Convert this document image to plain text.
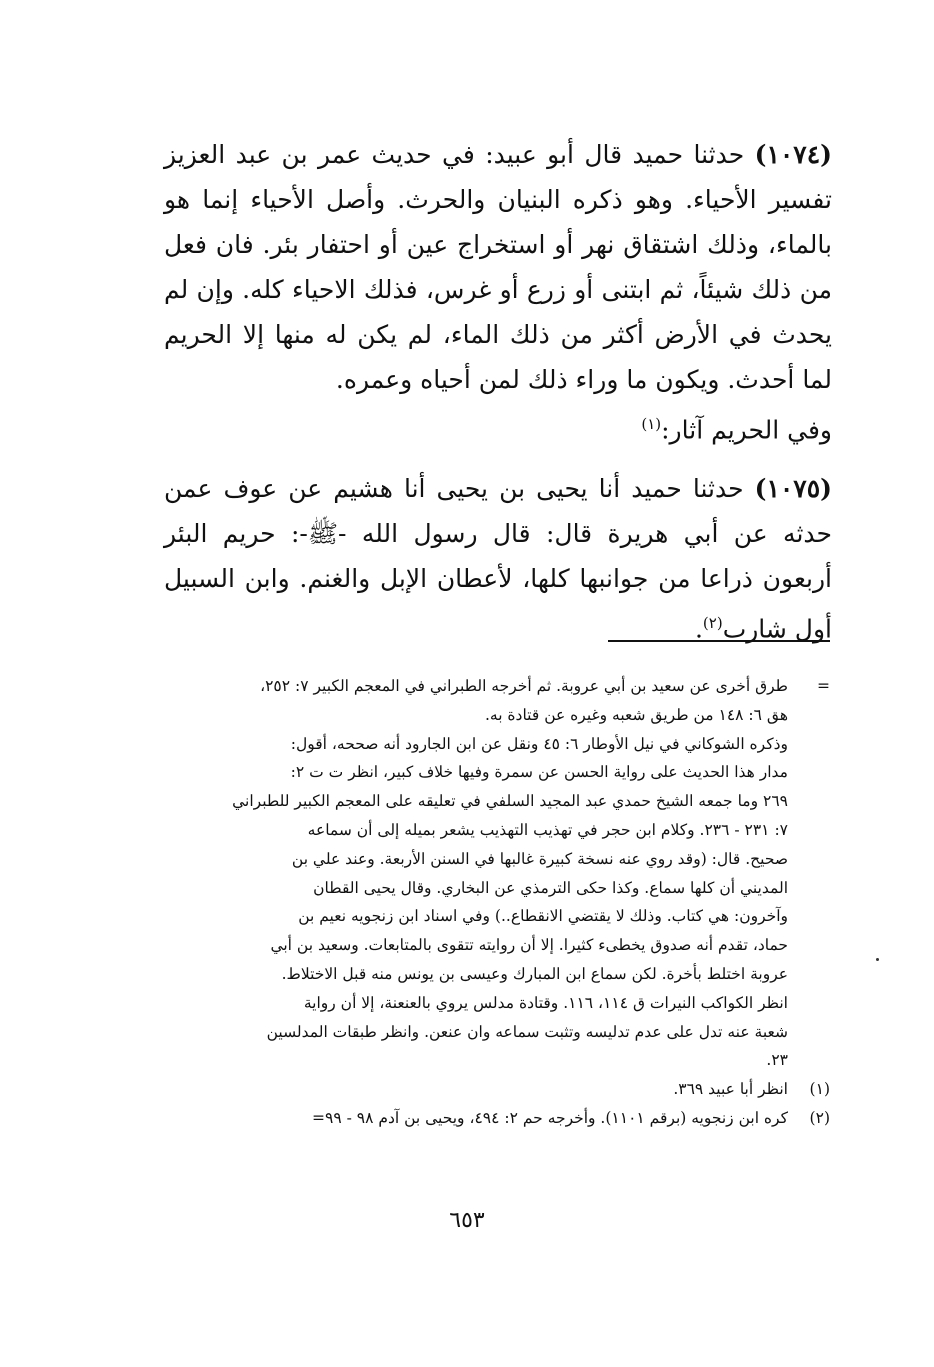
(١٠٧٤) حدثنا حميد قال أبو عبيد: في حديث عمر بن عبد العزيز تفسير الأحياء. وهو ذكره البنيان والحرث. وأصل الأحياء إنما هو بالماء، وذلك اشتقاق نهر أو استخراج عين أو احتفار بئر. فان فعل من ذلك شيئاً، ثم ابتنى أو زرع أو غرس، فذلك الاحياء كله. وإن لم يحدث في الأرض أكثر من ذلك الماء، لم يكن له منها إلا الحريم لما أحدث. ويكون ما وراء ذلك لمن أحياه وعمره.

وفي الحريم آثار:$^{(١)}$

(١٠٧٥) حدثنا حميد أنا يحيى بن يحيى أنا هشيم عن عوف عمن حدثه عن أبي هريرة قال: قال رسول الله -ﷺ-: حريم البئر أربعون ذراعا من جوانبها كلها، لأعطان الإبل والغنم. وابن السبيل أول شارب$^{(٢)}$.

=
طرق أخرى عن سعيد بن أبي عروبة. ثم أخرجه الطبراني في المعجم الكبير ٧: ٢٥٢،
هق ٦: ١٤٨ من طريق شعبه وغيره عن قتادة به.
وذكره الشوكاني في نيل الأوطار ٦: ٤٥ ونقل عن ابن الجارود أنه صححه، أقول:
مدار هذا الحديث على رواية الحسن عن سمرة وفيها خلاف كبير، انظر ت ت ٢:
٢٦٩ وما جمعه الشيخ حمدي عبد المجيد السلفي في تعليقه على المعجم الكبير للطبراني
٧: ٢٣١ - ٢٣٦. وكلام ابن حجر في تهذيب التهذيب يشعر بميله إلى أن سماعه
صحيح. قال: (وقد روي عنه نسخة كبيرة غالبها في السنن الأربعة. وعند علي بن
المديني أن كلها سماع. وكذا حكى الترمذي عن البخاري. وقال يحيى القطان
وآخرون: هي كتاب. وذلك لا يقتضي الانقطاع..) وفي اسناد ابن زنجويه نعيم بن
حماد، تقدم أنه صدوق يخطىء كثيرا. إلا أن روايته تتقوى بالمتابعات. وسعيد بن أبي
عروبة اختلط بأخرة. لكن سماع ابن المبارك وعيسى بن يونس منه قبل الاختلاط.
انظر الكواكب النيرات ق ١١٤، ١١٦. وقتادة مدلس يروي بالعنعنة، إلا أن رواية
شعبة عنه تدل على عدم تدليسه وتثبت سماعه وان عنعن. وانظر طبقات المدلسين
٢٣.
(١)
انظر أبا عبيد ٣٦٩.
(٢)
كره ابن زنجويه (برقم ١١٠١). وأخرجه حم ٢: ٤٩٤، ويحيى بن آدم ٩٨ - ٩٩=
٦٥٣
